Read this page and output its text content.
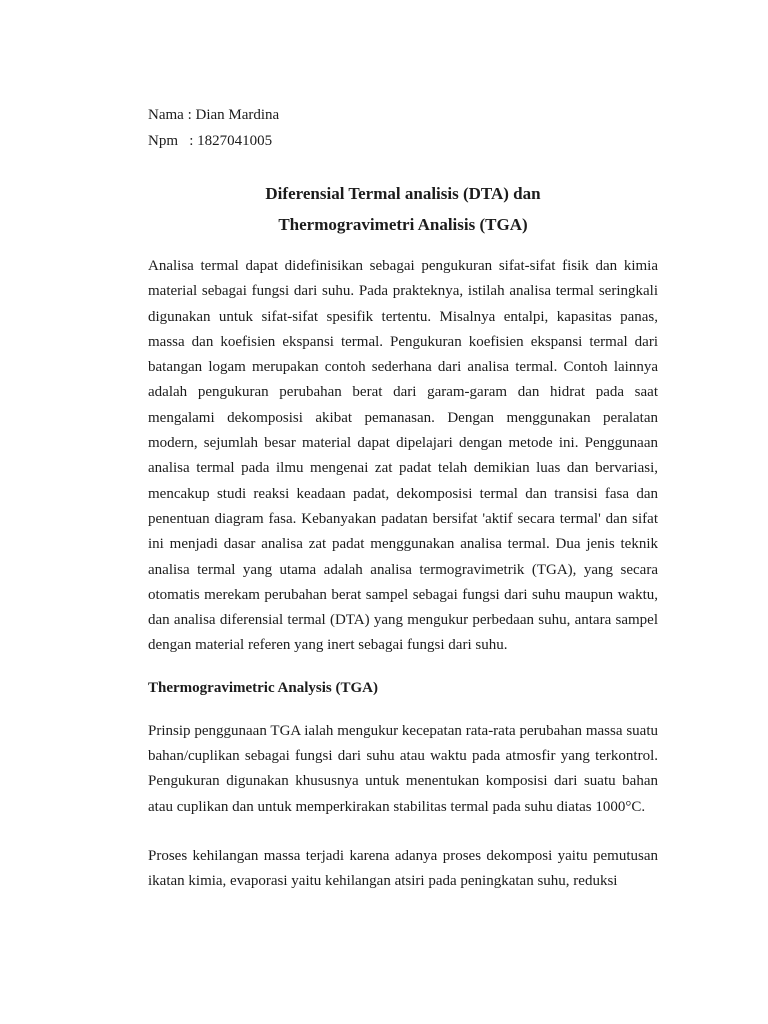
Nama : Dian Mardina

Npm   : 1827041005

Diferensial Termal analisis (DTA) dan

Thermogravimetri Analisis (TGA)

Analisa termal dapat didefinisikan sebagai pengukuran sifat-sifat fisik dan kimia material sebagai fungsi dari suhu. Pada prakteknya, istilah analisa termal seringkali digunakan untuk sifat-sifat spesifik tertentu. Misalnya entalpi, kapasitas panas, massa dan koefisien ekspansi termal. Pengukuran koefisien ekspansi termal dari batangan logam merupakan contoh sederhana dari analisa termal. Contoh lainnya adalah pengukuran perubahan berat dari garam-garam dan hidrat pada saat mengalami dekomposisi akibat pemanasan. Dengan menggunakan peralatan modern, sejumlah besar material dapat dipelajari dengan metode ini. Penggunaan analisa termal pada ilmu mengenai zat padat telah demikian luas dan bervariasi, mencakup studi reaksi keadaan padat, dekomposisi termal dan transisi fasa dan penentuan diagram fasa. Kebanyakan padatan bersifat 'aktif secara termal' dan sifat ini menjadi dasar analisa zat padat menggunakan analisa termal. Dua jenis teknik analisa termal yang utama adalah analisa termogravimetrik (TGA), yang secara otomatis merekam perubahan berat sampel sebagai fungsi dari suhu maupun waktu, dan analisa diferensial termal (DTA) yang mengukur perbedaan suhu, antara sampel dengan material referen yang inert sebagai fungsi dari suhu.

Thermogravimetric Analysis (TGA)

Prinsip penggunaan TGA ialah mengukur kecepatan rata-rata perubahan massa suatu bahan/cuplikan sebagai fungsi dari suhu atau waktu pada atmosfir yang terkontrol. Pengukuran digunakan khususnya untuk menentukan komposisi dari suatu bahan atau cuplikan dan untuk memperkirakan stabilitas termal pada suhu diatas 1000°C.

Proses kehilangan massa terjadi karena adanya proses dekomposi yaitu pemutusan ikatan kimia, evaporasi yaitu kehilangan atsiri pada peningkatan suhu, reduksi
